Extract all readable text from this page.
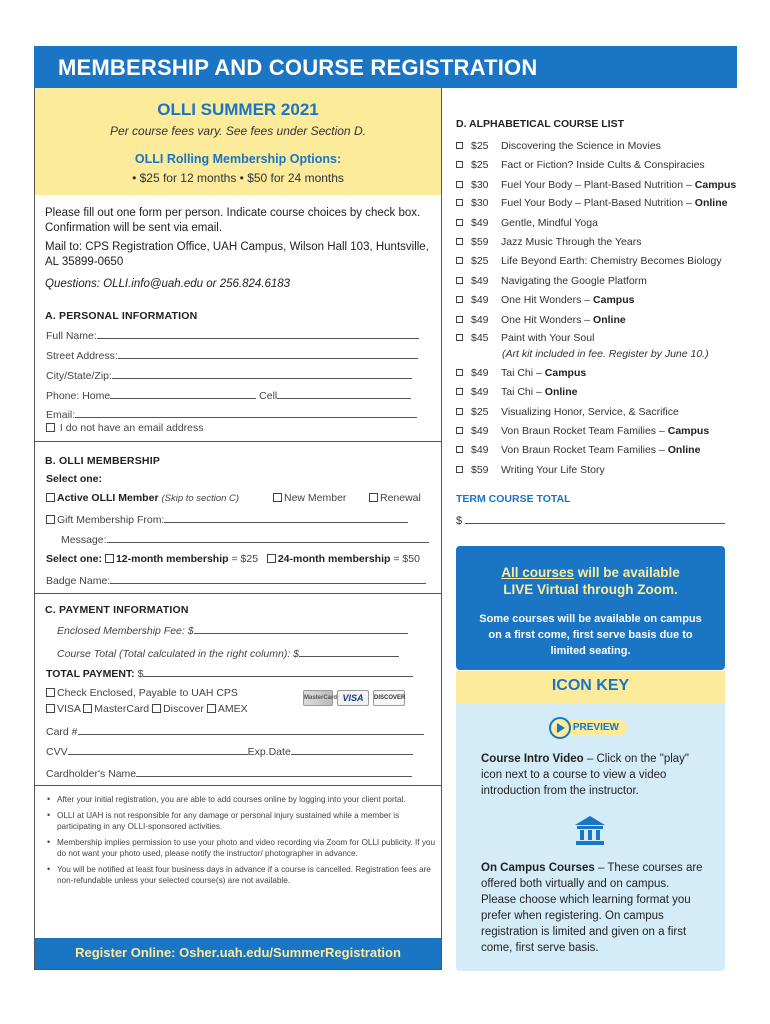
MEMBERSHIP AND COURSE REGISTRATION
OLLI SUMMER 2021
Per course fees vary. See fees under Section D.
OLLI Rolling Membership Options:
• $25 for 12 months • $50 for 24 months
Please fill out one form per person. Indicate course choices by check box. Confirmation will be sent via email.
Mail to: CPS Registration Office, UAH Campus, Wilson Hall 103, Huntsville, AL 35899-0650
Questions: OLLI.info@uah.edu or 256.824.6183
A. PERSONAL INFORMATION
Full Name:
Street Address:
City/State/Zip:
Phone: Home	Cell
Email:
I do not have an email address
B. OLLI MEMBERSHIP
Select one:
Active OLLI Member (Skip to section C)	New Member	Renewal
Gift Membership From:
Message:
Select one: 12-month membership = $25 24-month membership = $50
Badge Name:
C. PAYMENT INFORMATION
Enclosed Membership Fee: $
Course Total (Total calculated in the right column): $
TOTAL PAYMENT: $
Check Enclosed, Payable to UAH CPS
VISA MasterCard Discover AMEX
MasterCard VISA DISCOVER
Card #
CVV	Exp.Date
Cardholder's Name
• After your initial registration, you are able to add courses online by logging into your client portal.
• OLLI at UAH is not responsible for any damage or personal injury sustained while a member is participating in any OLLI-sponsored activities.
• Membership implies permission to use your photo and video recording via Zoom for OLLI publicity. If you do not want your photo used, please notify the instructor/ photographer in advance.
• You will be notified at least four business days in advance if a course is cancelled. Registration fees are non-refundable unless your selected course(s) are not available.
Register Online: Osher.uah.edu/SummerRegistration
D. ALPHABETICAL COURSE LIST
$25 Discovering the Science in Movies
$25 Fact or Fiction? Inside Cults & Conspiracies
$30 Fuel Your Body – Plant-Based Nutrition – Campus
$30 Fuel Your Body – Plant-Based Nutrition – Online
$49 Gentle, Mindful Yoga
$59 Jazz Music Through the Years
$25 Life Beyond Earth: Chemistry Becomes Biology
$49 Navigating the Google Platform
$49 One Hit Wonders – Campus
$49 One Hit Wonders – Online
$45 Paint with Your Soul
(Art kit included in fee. Register by June 10.)
$49 Tai Chi – Campus
$49 Tai Chi – Online
$25 Visualizing Honor, Service, & Sacrifice
$49 Von Braun Rocket Team Families – Campus
$49 Von Braun Rocket Team Families – Online
$59 Writing Your Life Story
TERM COURSE TOTAL
$
All courses will be available
LIVE Virtual through Zoom.
Some courses will be available on campus on a first come, first serve basis due to limited seating.
ICON KEY
PREVIEW
Course Intro Video – Click on the "play" icon next to a course to view a video introduction from the instructor.
On Campus Courses – These courses are offered both virtually and on campus. Please choose which learning format you prefer when registering. On campus registration is limited and given on a first come, first serve basis.
